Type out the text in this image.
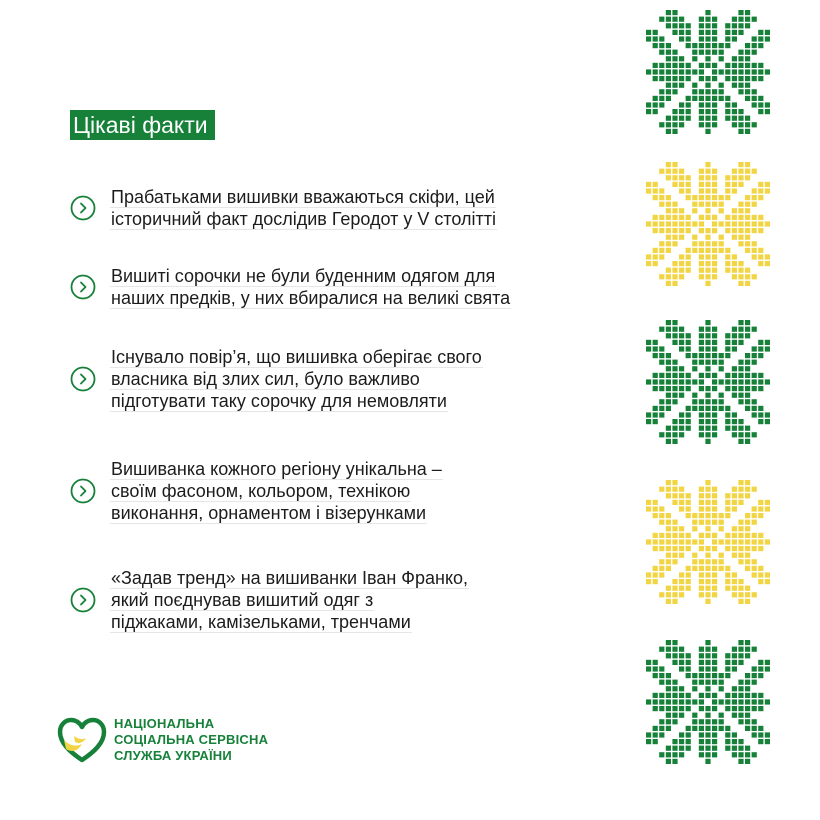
Цікаві факти
Прабатьками вишивки вважаються скіфи, цей
історичний факт дослідив Геродот у V столітті
Вишиті сорочки не були буденним одягом для
наших предків, у них вбиралися на великі свята
Існувало повір’я, що вишивка оберігає свого
власника від злих сил, було важливо
підготувати таку сорочку для немовляти
Вишиванка кожного регіону унікальна –
своїм фасоном, кольором, технікою
виконання, орнаментом і візерунками
«Задав тренд» на вишиванки Іван Франко,
який поєднував вишитий одяг з
піджаками, камізельками, тренчами
НАЦІОНАЛЬНА
СОЦІАЛЬНА СЕРВІСНА
СЛУЖБА УКРАЇНИ
